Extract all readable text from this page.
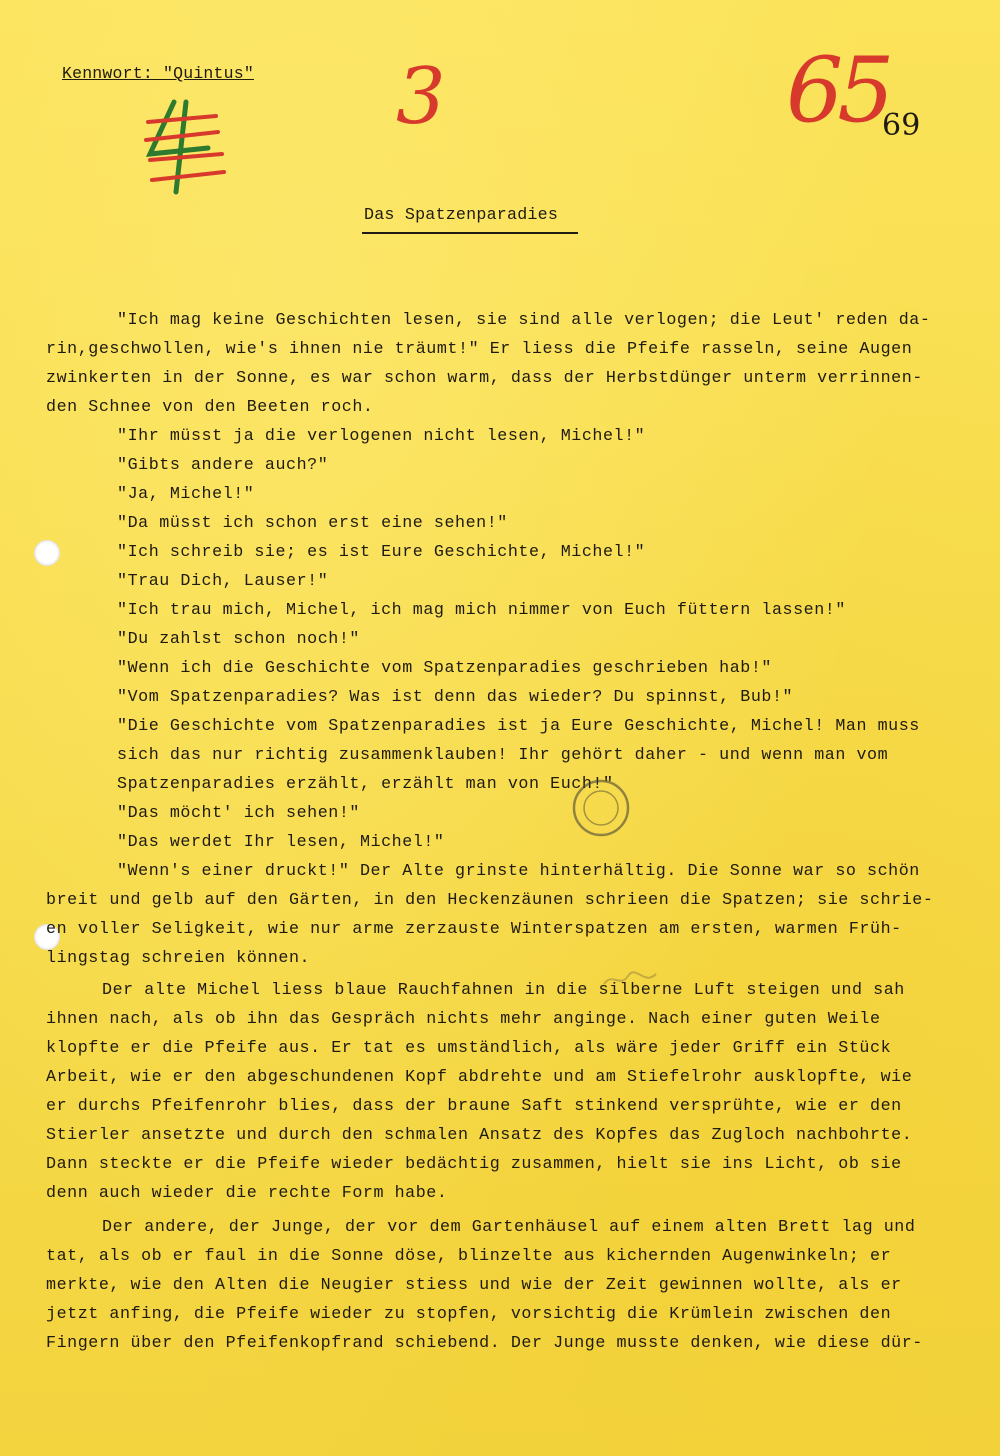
Kennwort: "Quintus" 3	65
69
Das Spatzenparadies
"Ich mag keine Geschichten lesen, sie sind alle verlogen; die Leut' reden da-
rin,geschwollen, wie's ihnen nie träumt!" Er liess die Pfeife rasseln, seine Augen
zwinkerten in der Sonne, es war schon warm, dass der Herbstdünger unterm verrinnen-
den Schnee von den Beeten roch.
"Ihr müsst ja die verlogenen nicht lesen, Michel!"
"Gibts andere auch?"
"Ja, Michel!"
"Da müsst ich schon erst eine sehen!"
"Ich schreib sie; es ist Eure Geschichte, Michel!"
"Trau Dich, Lauser!"
"Ich trau mich, Michel, ich mag mich nimmer von Euch füttern lassen!"
"Du zahlst schon noch!"
"Wenn ich die Geschichte vom Spatzenparadies geschrieben hab!"
"Vom Spatzenparadies? Was ist denn das wieder? Du spinnst, Bub!"
"Die Geschichte vom Spatzenparadies ist ja Eure Geschichte, Michel! Man muss
sich das nur richtig zusammenklauben! Ihr gehört daher - und wenn man vom
Spatzenparadies erzählt, erzählt man von Euch!"
"Das möcht' ich sehen!"
"Das werdet Ihr lesen, Michel!"
"Wenn's einer druckt!" Der Alte grinste hinterhältig. Die Sonne war so schön
breit und gelb auf den Gärten, in den Heckenzäunen schrieen die Spatzen; sie schrie-
en voller Seligkeit, wie nur arme zerzauste Winterspatzen am ersten, warmen Früh-
lingstag schreien können.
Der alte Michel liess blaue Rauchfahnen in die silberne Luft steigen und sah
ihnen nach, als ob ihn das Gespräch nichts mehr anginge. Nach einer guten Weile
klopfte er die Pfeife aus. Er tat es umständlich, als wäre jeder Griff ein Stück
Arbeit, wie er den abgeschundenen Kopf abdrehte und am Stiefelrohr ausklopfte, wie
er durchs Pfeifenrohr blies, dass der braune Saft stinkend versprühte, wie er den
Stierler ansetzte und durch den schmalen Ansatz des Kopfes das Zugloch nachbohrte.
Dann steckte er die Pfeife wieder bedächtig zusammen, hielt sie ins Licht, ob sie
denn auch wieder die rechte Form habe.
Der andere, der Junge, der vor dem Gartenhäusel auf einem alten Brett lag und
tat, als ob er faul in die Sonne döse, blinzelte aus kichernden Augenwinkeln; er
merkte, wie den Alten die Neugier stiess und wie der Zeit gewinnen wollte, als er
jetzt anfing, die Pfeife wieder zu stopfen, vorsichtig die Krümlein zwischen den
Fingern über den Pfeifenkopfrand schiebend. Der Junge musste denken, wie diese dür-
